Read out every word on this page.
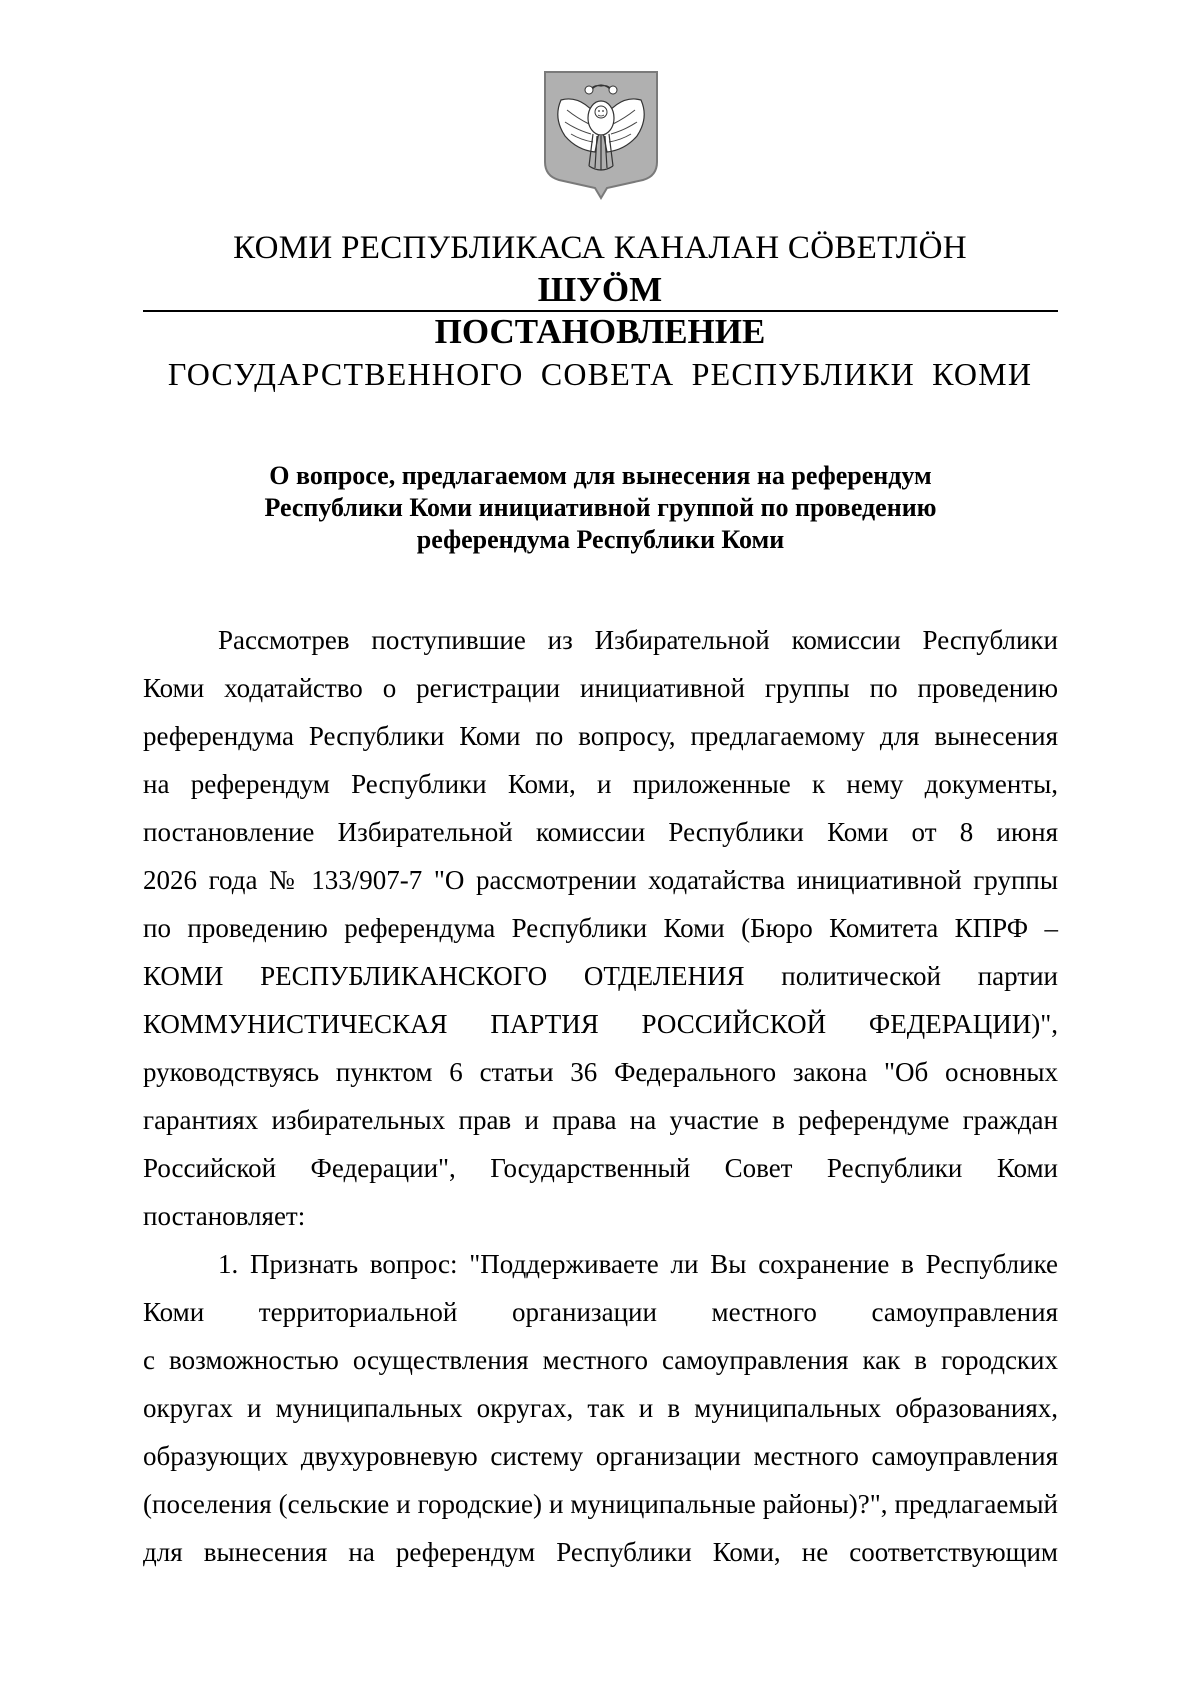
КОМИ РЕСПУБЛИКАСА КАНАЛАН СӦВЕТЛӦН
ШУӦМ
ПОСТАНОВЛЕНИЕ
ГОСУДАРСТВЕННОГО СОВЕТА РЕСПУБЛИКИ КОМИ
О вопросе, предлагаемом для вынесения на референдум
Республики Коми инициативной группой по проведению
референдума Республики Коми
Рассмотрев поступившие из Избирательной комиссии Республики
Коми ходатайство о регистрации инициативной группы по проведению
референдума Республики Коми по вопросу, предлагаемому для вынесения
на референдум Республики Коми, и приложенные к нему документы,
постановление Избирательной комиссии Республики Коми от 8 июня
2026 года № 133/907-7 "О рассмотрении ходатайства инициативной группы
по проведению референдума Республики Коми (Бюро Комитета КПРФ –
КОМИ РЕСПУБЛИКАНСКОГО ОТДЕЛЕНИЯ политической партии
КОММУНИСТИЧЕСКАЯ ПАРТИЯ РОССИЙСКОЙ ФЕДЕРАЦИИ)",
руководствуясь пунктом 6 статьи 36 Федерального закона "Об основных
гарантиях избирательных прав и права на участие в референдуме граждан
Российской Федерации", Государственный Совет Республики Коми
постановляет:
1. Признать вопрос: "Поддерживаете ли Вы сохранение в Республике
Коми территориальной организации местного самоуправления
с возможностью осуществления местного самоуправления как в городских
округах и муниципальных округах, так и в муниципальных образованиях,
образующих двухуровневую систему организации местного самоуправления
(поселения (сельские и городские) и муниципальные районы)?", предлагаемый
для вынесения на референдум Республики Коми, не соответствующим
